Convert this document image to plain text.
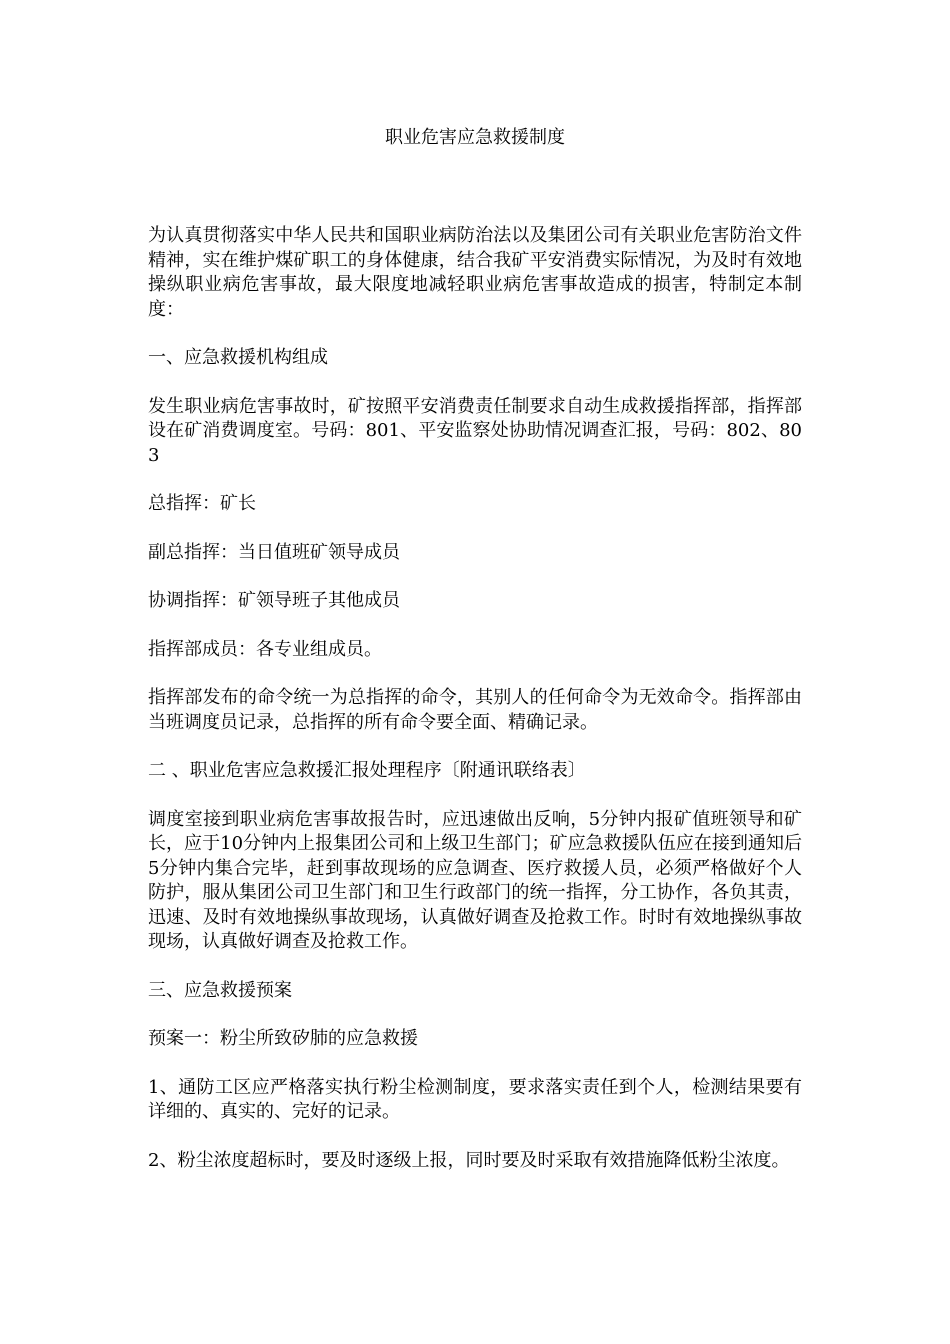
职业危害应急救援制度

为认真贯彻落实中华人民共和国职业病防治法以及集团公司有关职业危害防治文件精神，实在维护煤矿职工的身体健康，结合我矿平安消费实际情况，为及时有效地操纵职业病危害事故，最大限度地减轻职业病危害事故造成的损害，特制定本制度：

一、应急救援机构组成

发生职业病危害事故时，矿按照平安消费责任制要求自动生成救援指挥部，指挥部设在矿消费调度室。号码：801、平安监察处协助情况调查汇报，号码：802、803

总指挥：矿长

副总指挥：当日值班矿领导成员

协调指挥：矿领导班子其他成员

指挥部成员：各专业组成员。

指挥部发布的命令统一为总指挥的命令，其别人的任何命令为无效命令。指挥部由当班调度员记录，总指挥的所有命令要全面、精确记录。

二 、职业危害应急救援汇报处理程序〔附通讯联络表〕

调度室接到职业病危害事故报告时，应迅速做出反响，5分钟内报矿值班领导和矿长，应于10分钟内上报集团公司和上级卫生部门；矿应急救援队伍应在接到通知后5分钟内集合完毕，赶到事故现场的应急调查、医疗救援人员，必须严格做好个人防护，服从集团公司卫生部门和卫生行政部门的统一指挥，分工协作，各负其责，迅速、及时有效地操纵事故现场，认真做好调查及抢救工作。时时有效地操纵事故现场，认真做好调查及抢救工作。

三、应急救援预案

预案一：粉尘所致矽肺的应急救援

1、通防工区应严格落实执行粉尘检测制度，要求落实责任到个人，检测结果要有详细的、真实的、完好的记录。

2、粉尘浓度超标时，要及时逐级上报，同时要及时采取有效措施降低粉尘浓度。
